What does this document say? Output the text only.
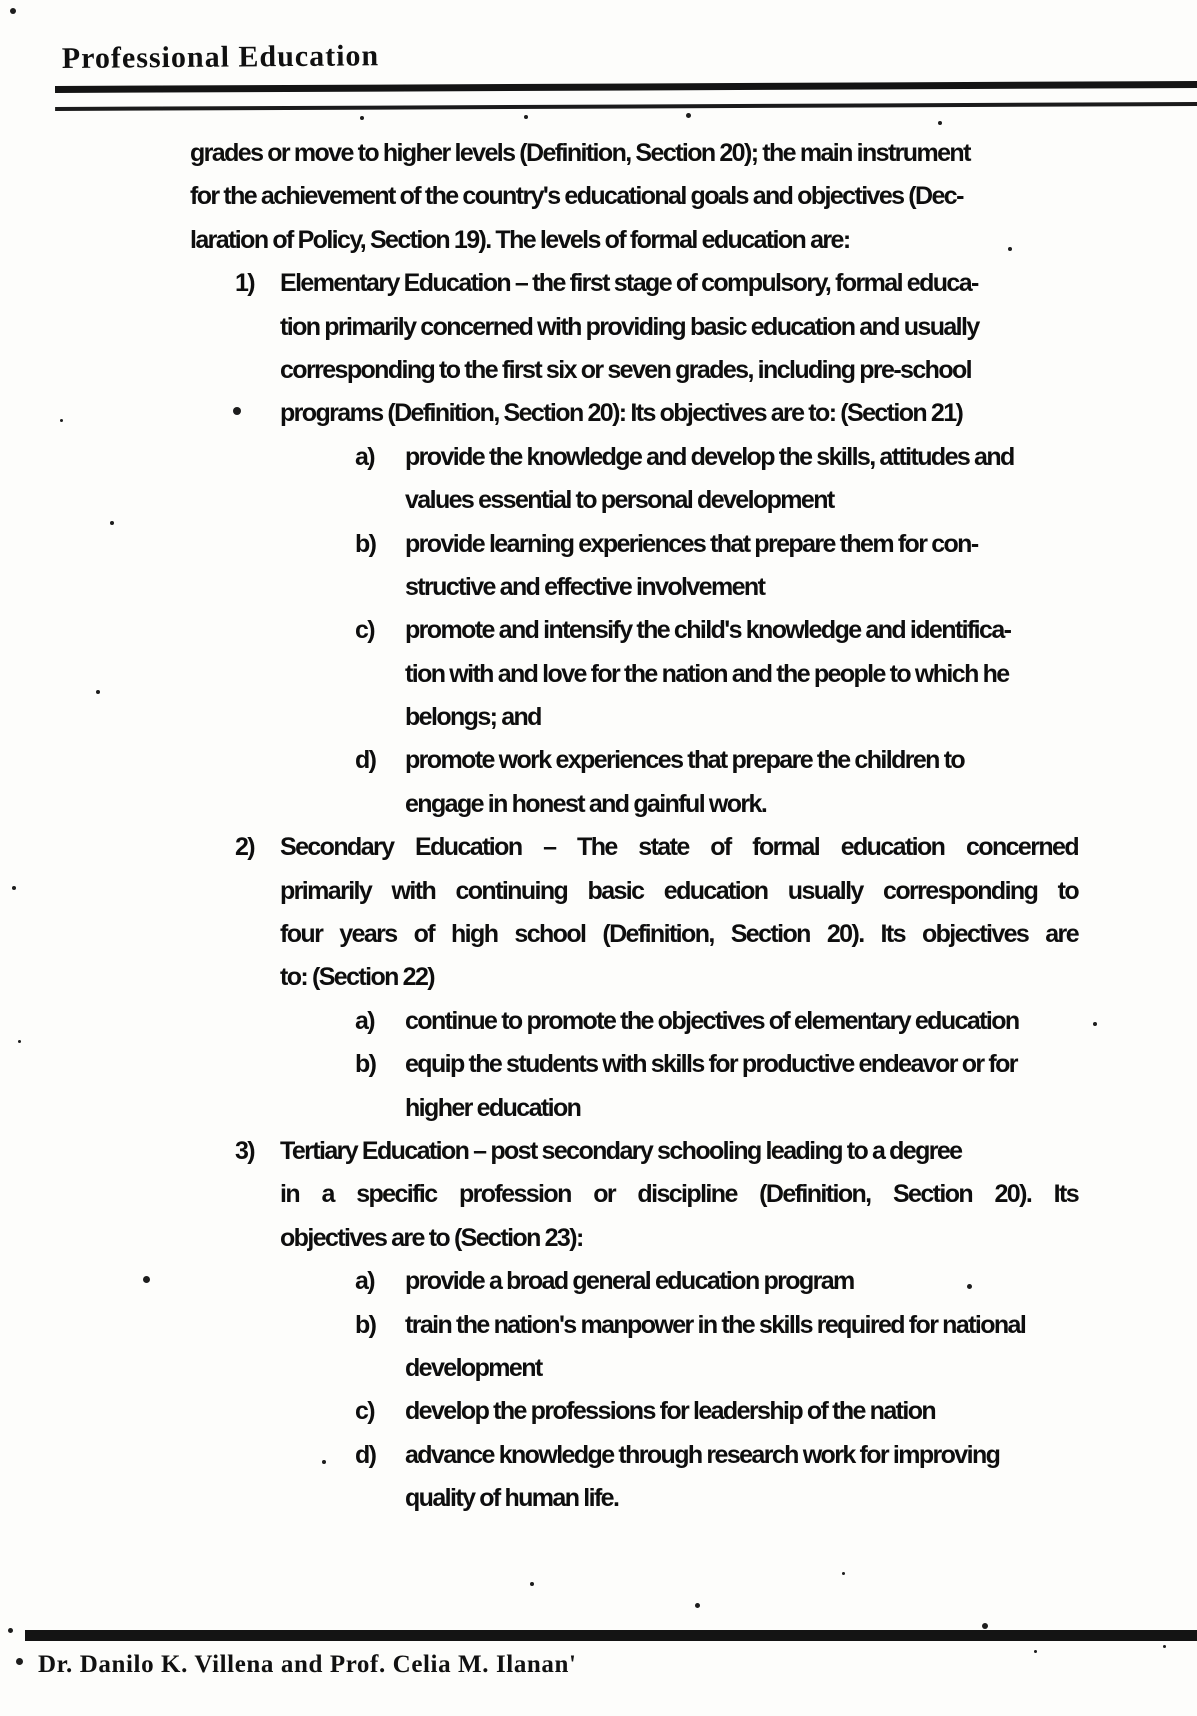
Professional Education
grades or move to higher levels (Definition, Section 20); the main instrument
for the achievement of the country's educational goals and objectives (Dec-
laration of Policy, Section 19). The levels of formal education are:
1) Elementary Education – the first stage of compulsory, formal educa-
tion primarily concerned with providing basic education and usually
corresponding to the first six or seven grades, including pre-school
programs (Definition, Section 20): Its objectives are to: (Section 21)
a) provide the knowledge and develop the skills, attitudes and
values essential to personal development
b) provide learning experiences that prepare them for con-
structive and effective involvement
c) promote and intensify the child's knowledge and identifica-
tion with and love for the nation and the people to which he
belongs; and
d) promote work experiences that prepare the children to
engage in honest and gainful work.
2) Secondary Education – The state of formal education concerned
primarily with continuing basic education usually corresponding to
four years of high school (Definition, Section 20). Its objectives are
to: (Section 22)
a) continue to promote the objectives of elementary education
b) equip the students with skills for productive endeavor or for
higher education
3) Tertiary Education – post secondary schooling leading to a degree
in a specific profession or discipline (Definition, Section 20). Its
objectives are to (Section 23):
a) provide a broad general education program
b) train the nation's manpower in the skills required for national
development
c) develop the professions for leadership of the nation
d) advance knowledge through research work for improving
quality of human life.
Dr. Danilo K. Villena and Prof. Celia M. Ilanan'
